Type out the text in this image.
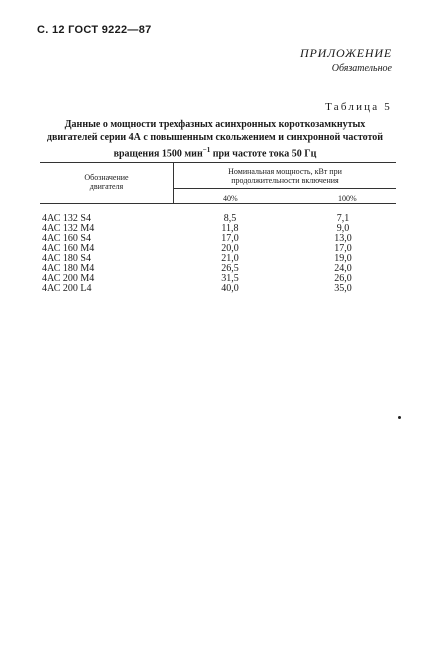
С. 12 ГОСТ 9222—87
ПРИЛОЖЕНИЕ
Обязательное
Таблица 5
Данные о мощности трехфазных асинхронных короткозамкнутых
двигателей серии 4А с повышенным скольжением и синхронной частотой
вращения 1500 мин$^{-1}$ при частоте тока 50 Гц
Обозначение
двигателя
Номинальная мощность, кВт при
продолжительности включения
40%	100%
4АС 132 S4	8,5	7,1
4АС 132 M4	11,8	9,0
4АС 160 S4	17,0	13,0
4АС 160 M4	20,0	17,0
4АС 180 S4	21,0	19,0
4АС 180 M4	26,5	24,0
4АС 200 M4	31,5	26,0
4АС 200 L4	40,0	35,0
